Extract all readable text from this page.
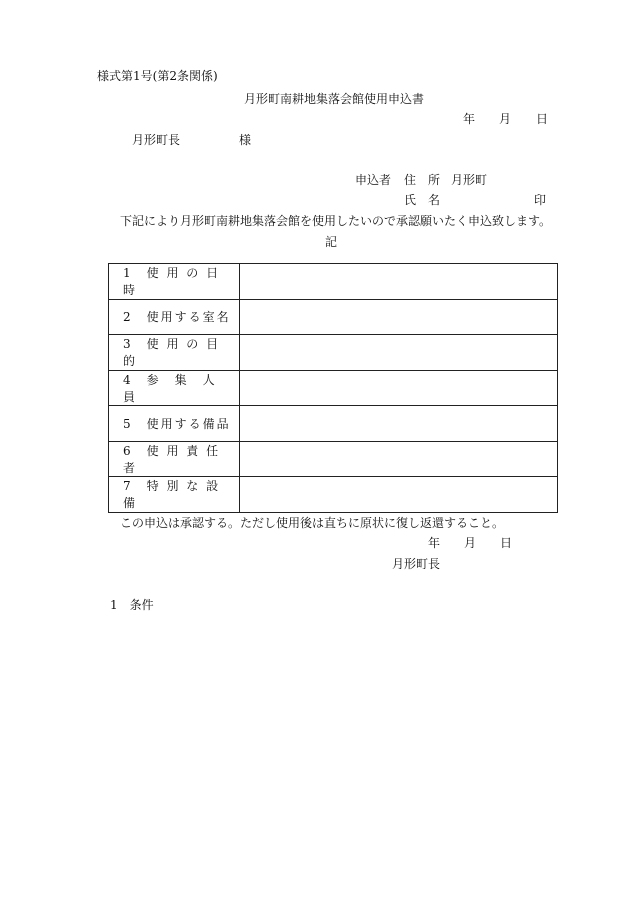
様式第1号(第2条関係)
月形町南耕地集落会館使用申込書
年 月 日
月形町長	様
申込者 住　所 月形町
氏　名	印
下記により月形町南耕地集落会館を使用したいので承認願いたく申込致します。
記
1　使 用 の 日 時	

2　使用する室名	

3　使 用 の 目 的	

4　参　集　人　員	

5　使用する備品	

6　使 用 責 任 者	

7　特 別 な 設 備	

この申込は承認する。ただし使用後は直ちに原状に復し返還すること。
年 月 日
月形町長
1　条件
